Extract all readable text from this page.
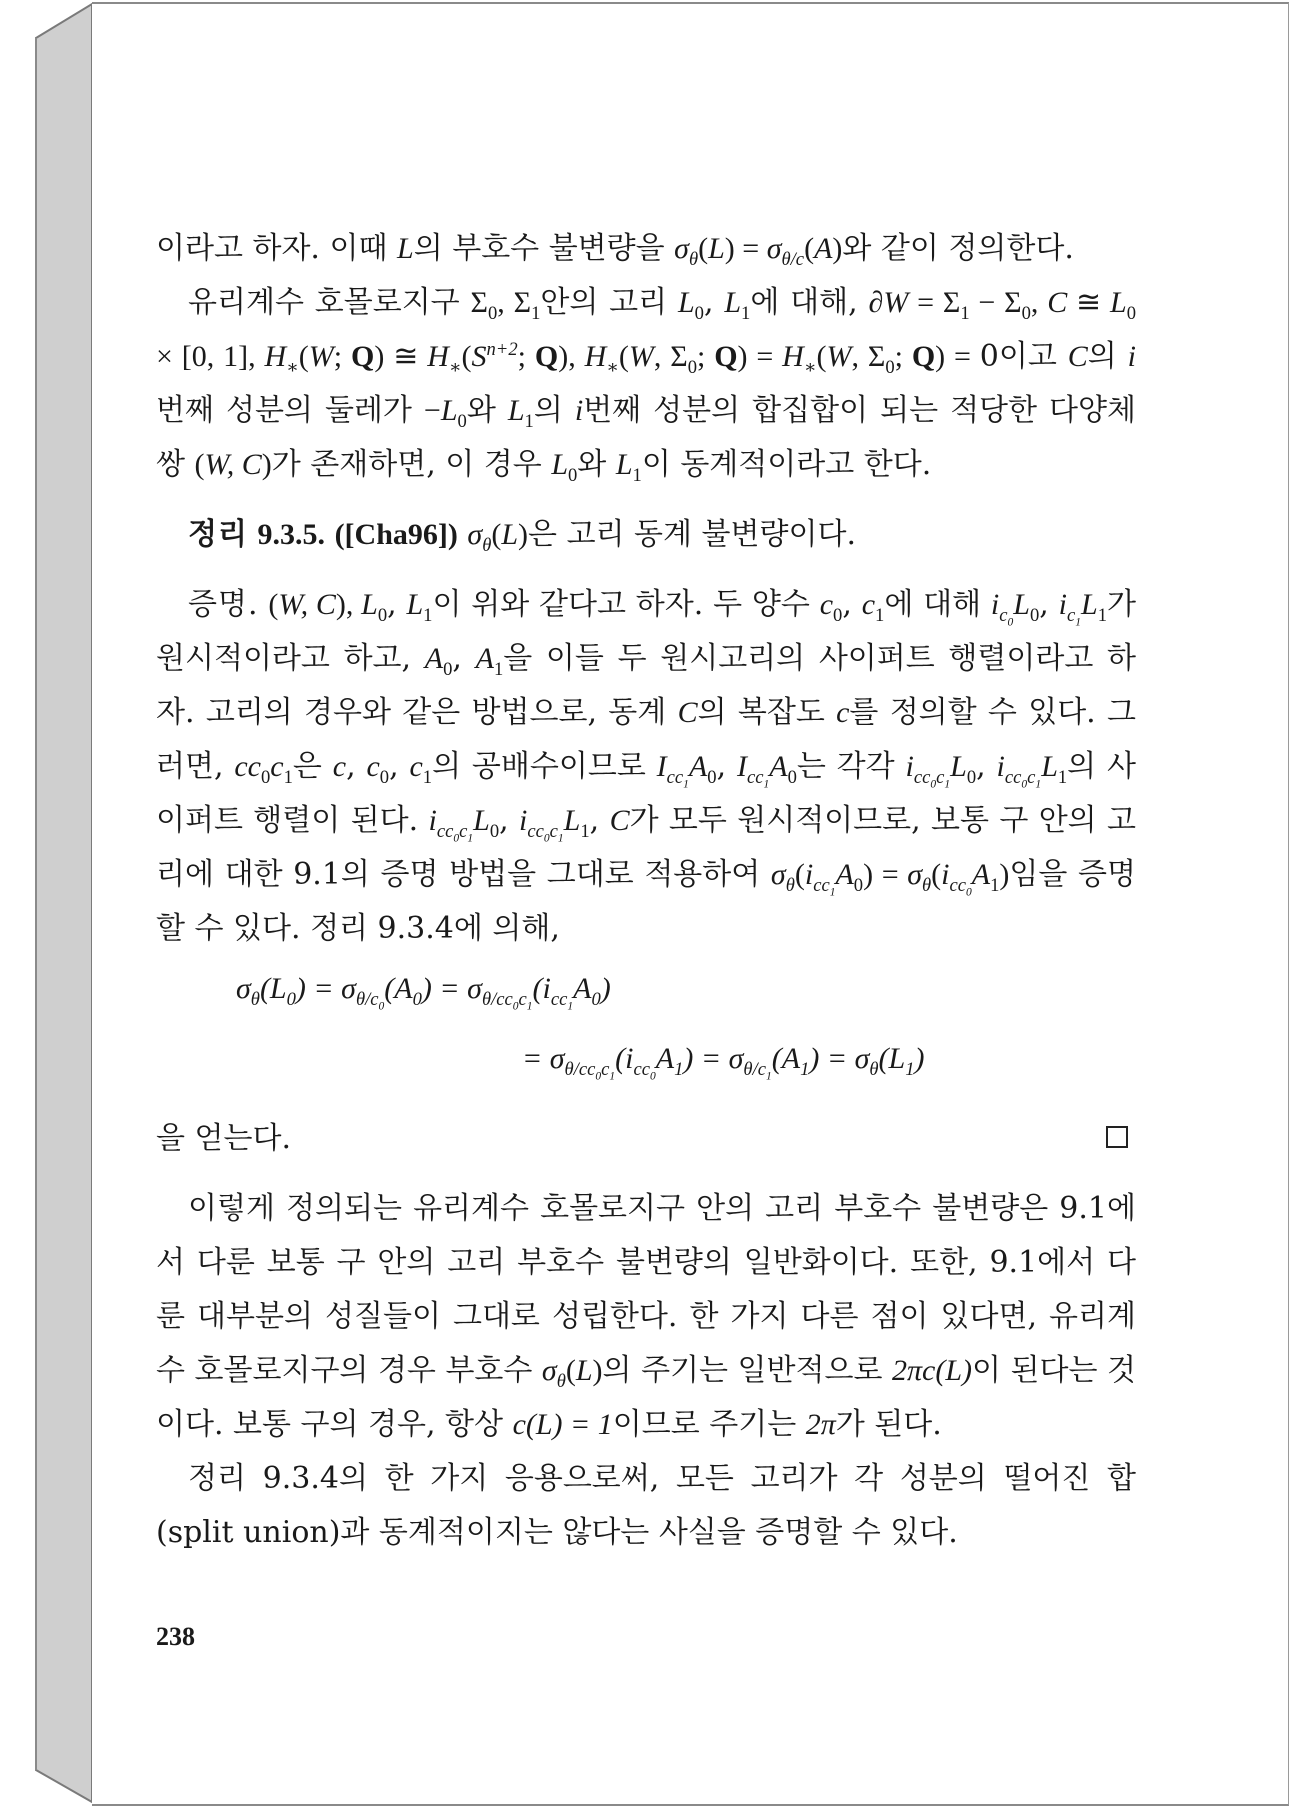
이라고 하자. 이때 L의 부호수 불변량을 $\sigma_\theta(L) = \sigma_{\theta/c}(A)$와 같이 정의한다.

유리계수 호몰로지구 $\Sigma_0$, $\Sigma_1$안의 고리 $L_0$, $L_1$에 대해, $\partial W = \Sigma_1 - \Sigma_0$, C ≅ $L_0 \times [0$, 1], $H_∗(W$; Q) ≅ $H_∗(S^{n+2}$; Q), $H_∗(W$, $\Sigma_0$; $Q) = H_∗(W$, $\Sigma_0$; Q) = 0이고 C의 i번째 성분의 둘레가 $-L_0$와 $L_1$의 i번째 성분의 합집합이 되는 적당한 다양체쌍 (W, C)가 존재하면, 이 경우 $L_0$와 $L_1$이 동계적이라고 한다.

정리 9.3.5. ([Cha96]) $\sigma_\theta(L)$은 고리 동계 불변량이다.

증명. (W, C), $L_0$, $L_1$이 위와 같다고 하자. 두 양수 $c_0$, $c_1$에 대해 $i_{c_0}L_0$, $i_{c_1}L_1$가 원시적이라고 하고, $A_0$, $A_1$을 이들 두 원시고리의 사이퍼트 행렬이라고 하자. 고리의 경우와 같은 방법으로, 동계 C의 복잡도 c를 정의할 수 있다. 그러면, $cc_0c_1$은 c, $c_0$, $c_1$의 공배수이므로 $I_{cc_1}A_0$, $I_{cc_1}A_0$는 각각 $i_{cc_0c_1}L_0$, $i_{cc_0c_1}L_1$의 사이퍼트 행렬이 된다. $i_{cc_0c_1}L_0$, $i_{cc_0c_1}L_1$, C가 모두 원시적이므로, 보통 구 안의 고리에 대한 9.1의 증명 방법을 그대로 적용하여 $\sigma_\theta(i_{cc_1}A_0) = \sigma_\theta(i_{cc_0}A_1)$임을 증명할 수 있다. 정리 9.3.4에 의해,

$\sigma_\theta(L_0) = \sigma_{\theta/c_0}(A_0) = \sigma_{\theta/cc_0c_1}(i_{cc_1}A_0)$
= $\sigma_{\theta/cc_0c_1}(i_{cc_0}A_1) = \sigma_{\theta/c_1}(A_1) = \sigma_\theta(L_1)$
을 얻는다.

이렇게 정의되는 유리계수 호몰로지구 안의 고리 부호수 불변량은 9.1에서 다룬 보통 구 안의 고리 부호수 불변량의 일반화이다. 또한, 9.1에서 다룬 대부분의 성질들이 그대로 성립한다. 한 가지 다른 점이 있다면, 유리계수 호몰로지구의 경우 부호수 $\sigma_\theta(L)$의 주기는 일반적으로 2πc(L)이 된다는 것이다. 보통 구의 경우, 항상 c(L) = 1이므로 주기는 2π가 된다.

정리 9.3.4의 한 가지 응용으로써, 모든 고리가 각 성분의 떨어진 합(split union)과 동계적이지는 않다는 사실을 증명할 수 있다.

238
